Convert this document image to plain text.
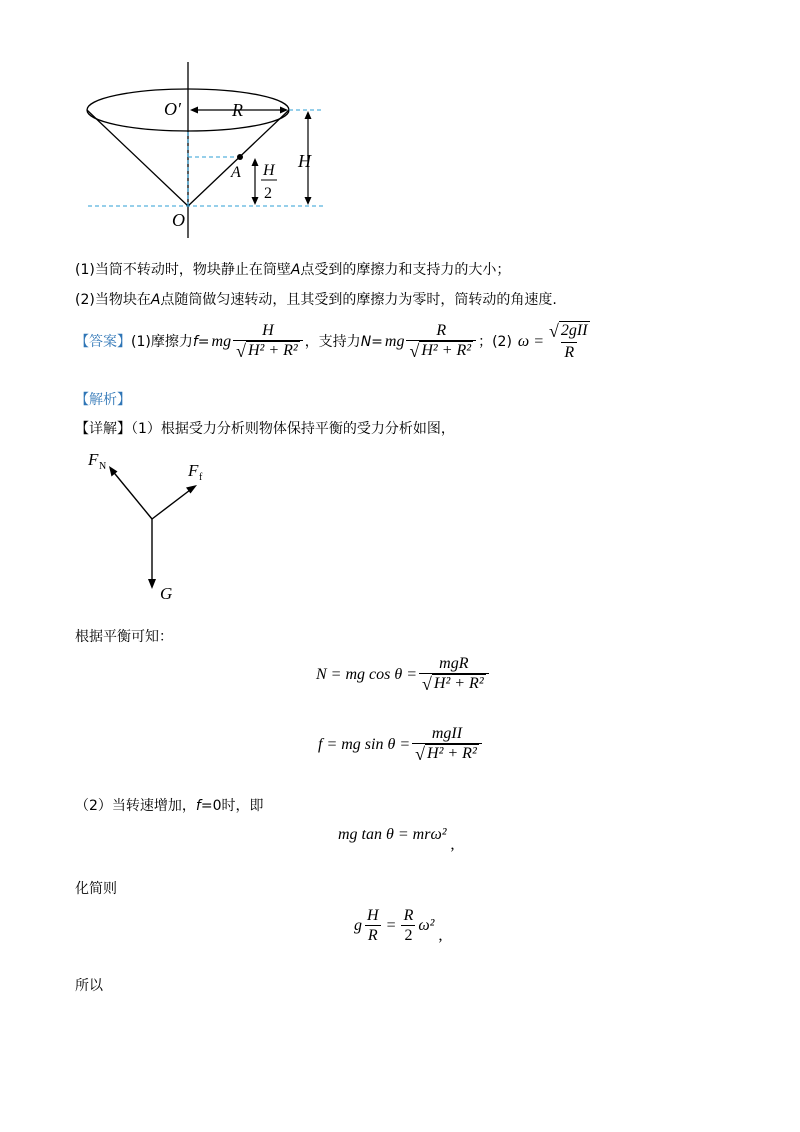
O′	R
H
A H
2
O
(1)当筒不转动时，物块静止在筒壁A点受到的摩擦力和支持力的大小；
(2)当物块在A点随筒做匀速转动，且其受到的摩擦力为零时，筒转动的角速度.
【答案】 (1)摩擦力 f = mg $\frac{H}{\text{√ H² + R²}}$ ，支持力 N = mg $\frac{R}{\text{√ H² + R²}}$ ；(2) $\omega = \frac{\text{√ 2gII}}{R}$
【解析】
【详解】（1）根据受力分析则物体保持平衡的受力分析如图，
F N	F f
G
根据平衡可知：
N = mg $\cos \theta = \frac{\text{mgR}}{\text{√ H² + R²}}$
f = mg $\sin \theta = \frac{\text{mgII}}{\text{√ H² + R²}}$
（2）当转速增加，f=0时，即
mg tan θ = mrω²,
化简则
g $\frac{H}{R} = \frac{R}{2} \omega^2$
,
所以
